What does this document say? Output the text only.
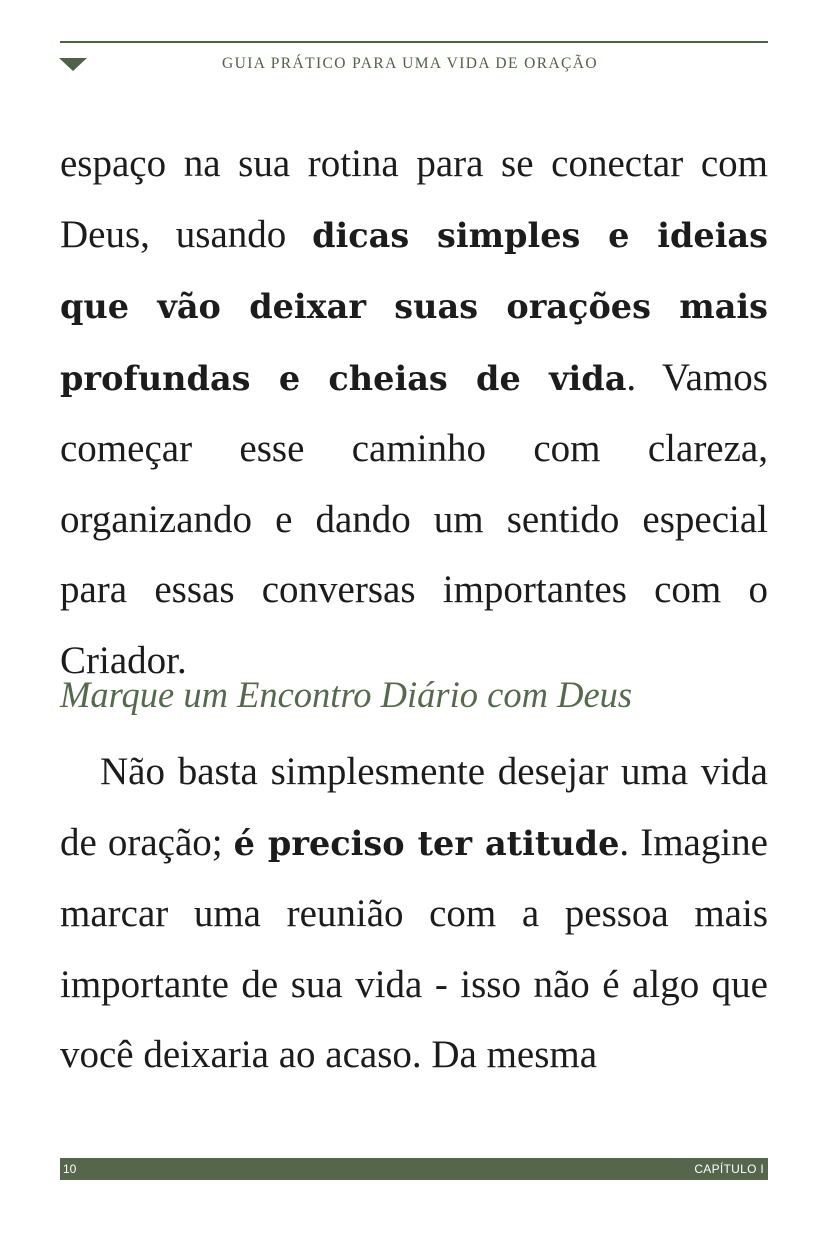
GUIA PRÁTICO PARA UMA VIDA DE ORAÇÃO

espaço na sua rotina para se conectar com Deus, usando dicas simples e ideias que vão deixar suas orações mais profundas e cheias de vida. Vamos começar esse caminho com clareza, organizando e dando um sentido especial para essas conversas importantes com o Criador.

Marque um Encontro Diário com Deus

Não basta simplesmente desejar uma vida de oração; é preciso ter atitude. Imagine marcar uma reunião com a pessoa mais importante de sua vida - isso não é algo que você deixaria ao acaso. Da mesma

10	CAPÍTULO I
